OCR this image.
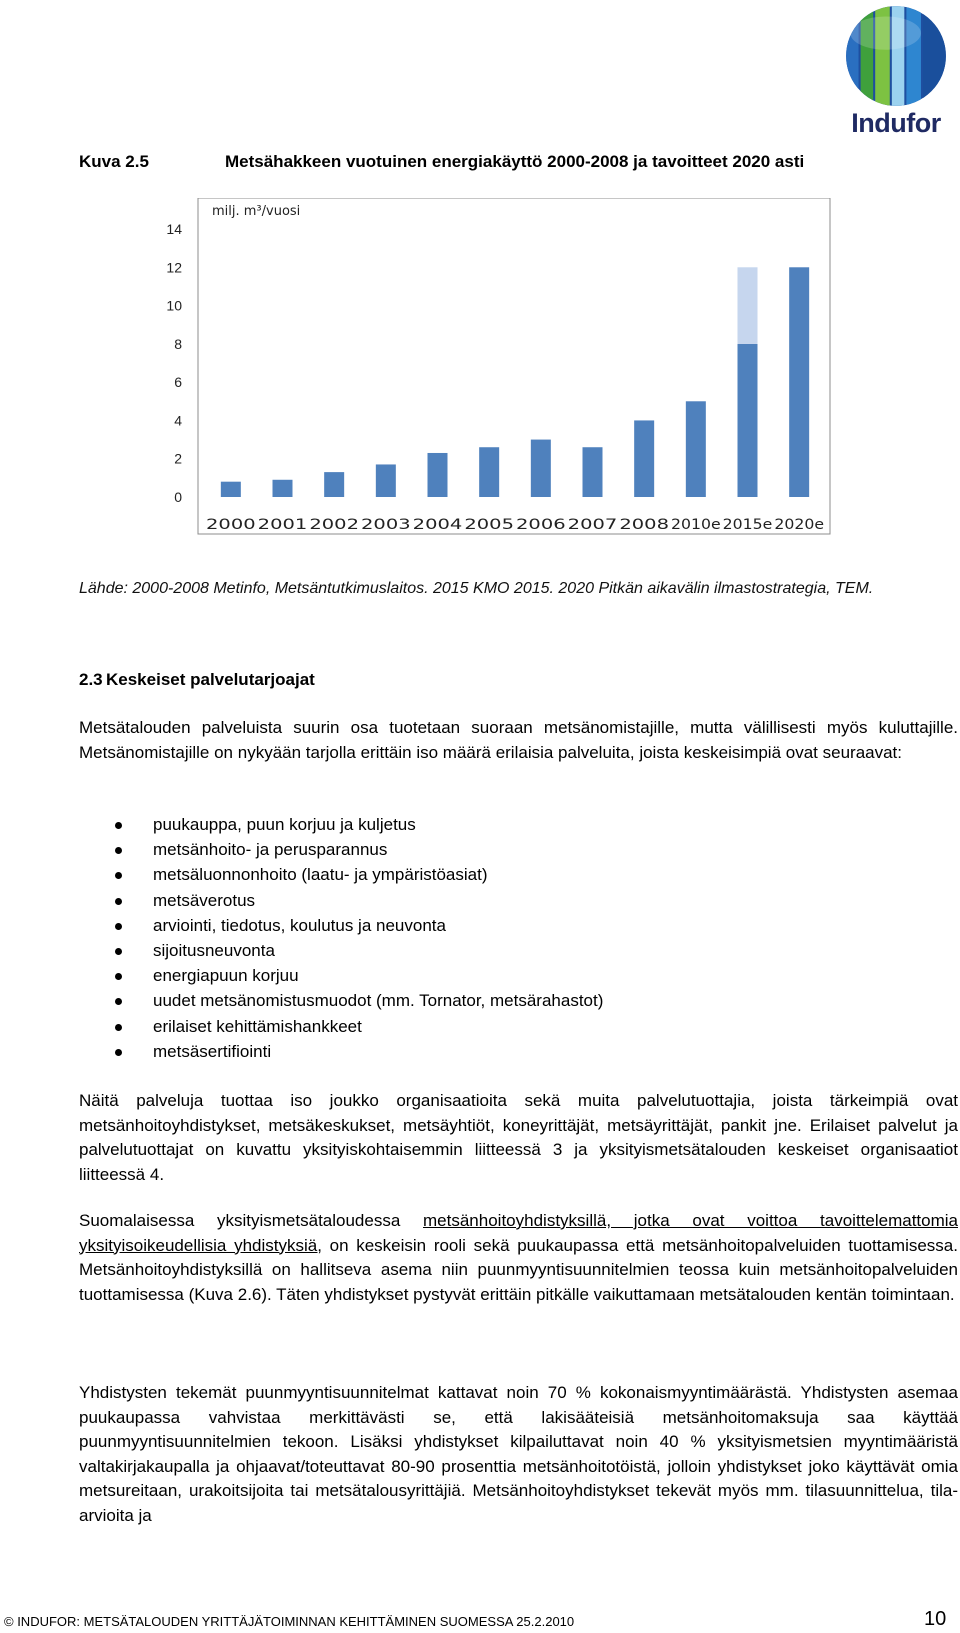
Indufor
Kuva 2.5	Metsähakkeen vuotuinen energiakäyttö 2000-2008 ja tavoitteet 2020 asti
0
2
4
6
8
10
12
14
milj. m³/vuosi
2000 2001 2002 2003 2004 2005 2006 2007 2008 2010e 2015e 2020e
Lähde: 2000-2008 Metinfo, Metsäntutkimuslaitos. 2015 KMO 2015. 2020 Pitkän aikavälin ilmastostrategia, TEM.
2.3 Keskeiset palvelutarjoajat
Metsätalouden palveluista suurin osa tuotetaan suoraan metsänomistajille, mutta välillisesti myös kuluttajille. Metsänomistajille on nykyään tarjolla erittäin iso määrä erilaisia palveluita, joista keskeisimpiä ovat seuraavat:
puukauppa, puun korjuu ja kuljetus
metsänhoito- ja perusparannus
metsäluonnonhoito (laatu- ja ympäristöasiat)
metsäverotus
arviointi, tiedotus, koulutus ja neuvonta
sijoitusneuvonta
energiapuun korjuu
uudet metsänomistusmuodot (mm. Tornator, metsärahastot)
erilaiset kehittämishankkeet
metsäsertifiointi
Näitä palveluja tuottaa iso joukko organisaatioita sekä muita palvelutuottajia, joista tärkeimpiä ovat metsänhoitoyhdistykset, metsäkeskukset, metsäyhtiöt, koneyrittäjät, metsäyrittäjät, pankit jne. Erilaiset palvelut ja palvelutuottajat on kuvattu yksityiskohtaisemmin liitteessä 3 ja yksityismetsätalouden keskeiset organisaatiot liitteessä 4.
Suomalaisessa yksityismetsätaloudessa metsänhoitoyhdistyksillä, jotka ovat voittoa tavoittelemattomia yksityisoikeudellisia yhdistyksiä, on keskeisin rooli sekä puukaupassa että metsänhoitopalveluiden tuottamisessa. Metsänhoitoyhdistyksillä on hallitseva asema niin puunmyyntisuunnitelmien teossa kuin metsänhoitopalveluiden tuottamisessa (Kuva 2.6). Täten yhdistykset pystyvät erittäin pitkälle vaikuttamaan metsätalouden kentän toimintaan.
Yhdistysten tekemät puunmyyntisuunnitelmat kattavat noin 70 % kokonaismyyntimäärästä. Yhdistysten asemaa puukaupassa vahvistaa merkittävästi se, että lakisääteisiä metsänhoitomaksuja saa käyttää puunmyyntisuunnitelmien tekoon. Lisäksi yhdistykset kilpailuttavat noin 40 % yksityismetsien myyntimääristä valtakirjakaupalla ja ohjaavat/toteuttavat 80-90 prosenttia metsänhoitotöistä, jolloin yhdistykset joko käyttävät omia metsureitaan, urakoitsijoita tai metsätalousyrittäjiä. Metsänhoitoyhdistykset tekevät myös mm. tilasuunnittelua, tila-arvioita ja
© INDUFOR: METSÄTALOUDEN YRITTÄJÄTOIMINNAN KEHITTÄMINEN SUOMESSA 25.2.2010	10
